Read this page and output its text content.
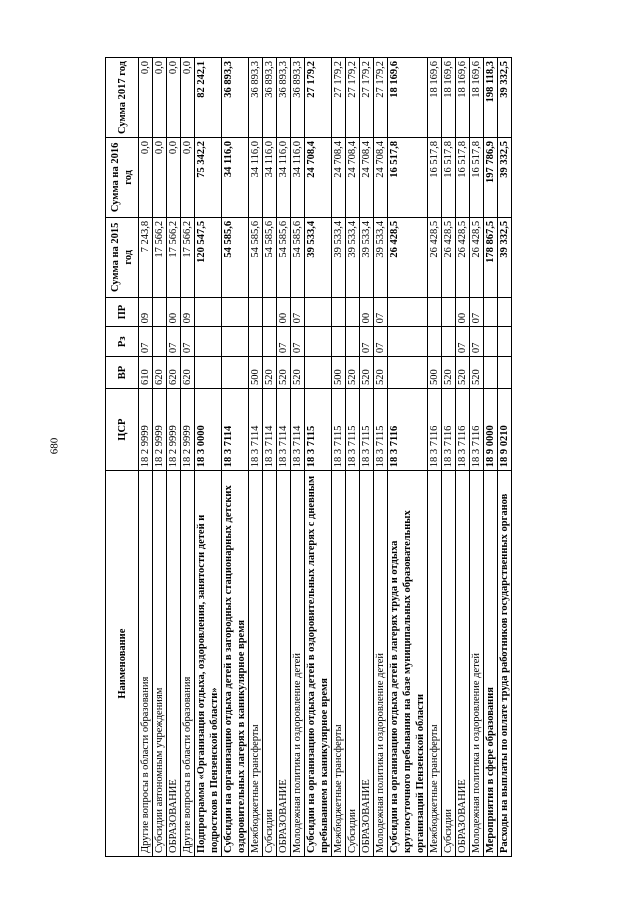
680
Наименование	ЦСР	ВР	Рз	ПР	Сумма на 2015 год	Сумма на 2016 год	Сумма 2017 год
Другие вопросы в области образования	18 2 9999	610	07	09	7 243,8	0,0	0,0
Субсидии автономным учреждениям	18 2 9999	620			17 566,2	0,0	0,0
ОБРАЗОВАНИЕ	18 2 9999	620	07	00	17 566,2	0,0	0,0
Другие вопросы в области образования	18 2 9999	620	07	09	17 566,2	0,0	0,0
Подпрограмма «Организация отдыха, оздоровления, занятости детей и подростков в Пензенской области»	18 3 0000				120 547,5	75 342,2	82 242,1
Субсидии на организацию отдыха детей в загородных стационарных детских оздоровительных лагерях в каникулярное время	18 3 7114				54 585,6	34 116,0	36 893,3
Межбюджетные трансферты	18 3 7114	500			54 585,6	34 116,0	36 893,3
Субсидии	18 3 7114	520			54 585,6	34 116,0	36 893,3
ОБРАЗОВАНИЕ	18 3 7114	520	07	00	54 585,6	34 116,0	36 893,3
Молодежная политика и оздоровление детей	18 3 7114	520	07	07	54 585,6	34 116,0	36 893,3
Субсидии на организацию отдыха детей в оздоровительных лагерях с дневным пребыванием в каникулярное время	18 3 7115				39 533,4	24 708,4	27 179,2
Межбюджетные трансферты	18 3 7115	500			39 533,4	24 708,4	27 179,2
Субсидии	18 3 7115	520			39 533,4	24 708,4	27 179,2
ОБРАЗОВАНИЕ	18 3 7115	520	07	00	39 533,4	24 708,4	27 179,2
Молодежная политика и оздоровление детей	18 3 7115	520	07	07	39 533,4	24 708,4	27 179,2
Субсидии на организацию отдыха детей в лагерях труда и отдыха круглосуточного пребывания на базе муниципальных образовательных организаций Пензенской области	18 3 7116				26 428,5	16 517,8	18 169,6
Межбюджетные трансферты	18 3 7116	500			26 428,5	16 517,8	18 169,6
Субсидии	18 3 7116	520			26 428,5	16 517,8	18 169,6
ОБРАЗОВАНИЕ	18 3 7116	520	07	00	26 428,5	16 517,8	18 169,6
Молодежная политика и оздоровление детей	18 3 7116	520	07	07	26 428,5	16 517,8	18 169,6
Мероприятия в сфере образования	18 9 0000				178 867,5	197 786,9	198 118,3
Расходы на выплаты по оплате труда работников государственных органов	18 9 0210				39 332,5	39 332,5	39 332,5
